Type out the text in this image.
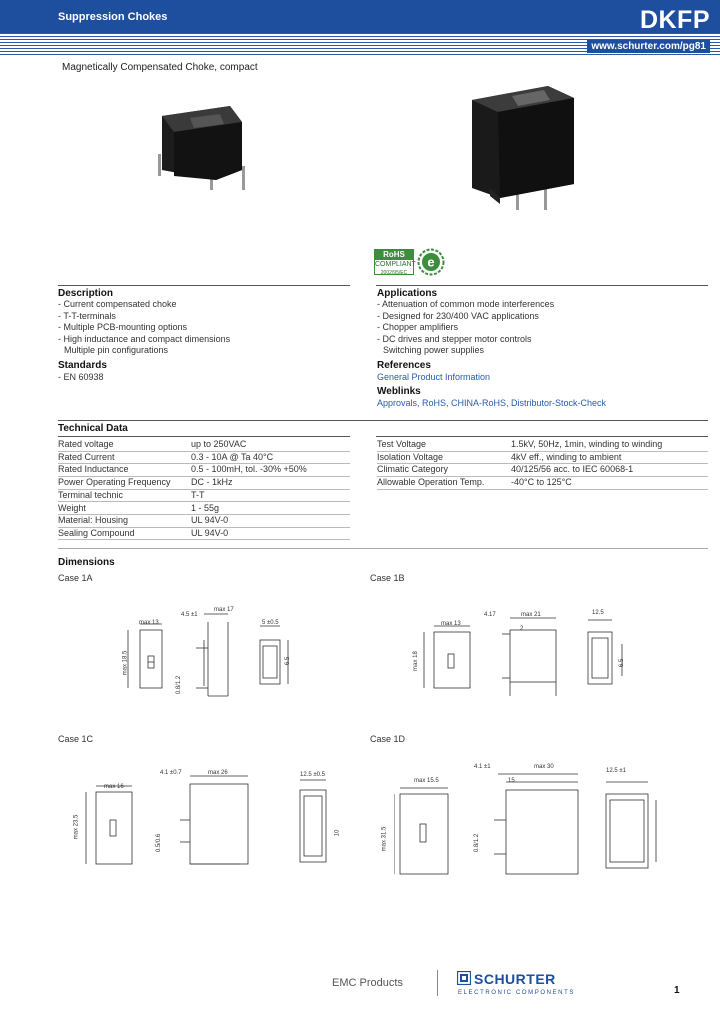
Suppression Chokes	DKFP
www.schurter.com/pg81
Magnetically Compensated Choke, compact
RoHS
COMPLIANT
2002/95/EC
e
Description
- Current compensated choke
- T-T-terminals
- Multiple PCB-mounting options
- High inductance and compact dimensions
Multiple pin configurations
Standards
- EN 60938
Applications
- Attenuation of common mode interferences
- Designed for 230/400 VAC applications
- Chopper amplifiers
- DC drives and stepper motor controls
Switching power supplies
References
General Product Information
Weblinks
Approvals, RoHS, CHINA-RoHS, Distributor-Stock-Check
Technical Data
Rated voltage	up to 250VAC
Rated Current	0.3 - 10A @ Ta 40°C
Rated Inductance	0.5 - 100mH, tol. -30% +50%
Power Operating Frequency DC - 1kHz
Terminal technic	T-T
Weight	1 - 55g
Material: Housing	UL 94V-0
Sealing Compound	UL 94V-0
Test Voltage	1.5kV, 50Hz, 1min, winding to winding
Isolation Voltage	4kV eff., winding to ambient
Climatic Category	40/125/56 acc. to IEC 60068-1
Allowable Operation Temp.	-40°C to 125°C
Dimensions
Case 1A	Case 1B
Case 1C	Case 1D
4.5 ±1
max 17
max 13	5 ±0.5
max 18.5
0.8/1.2
6.5
4.17	max 21
max 13
12.5
max 18
2
6.5
4.1 ±0.7	max 26
max 16
12.5 ±0.5
max 23.5
0.5/0.6
10
4.1 ±1	max 30
max 15.5	15
max 31.5	0.8/1.2
12.5 ±1
EMC Products	SCHURTER
ELECTRONIC COMPONENTS	1
